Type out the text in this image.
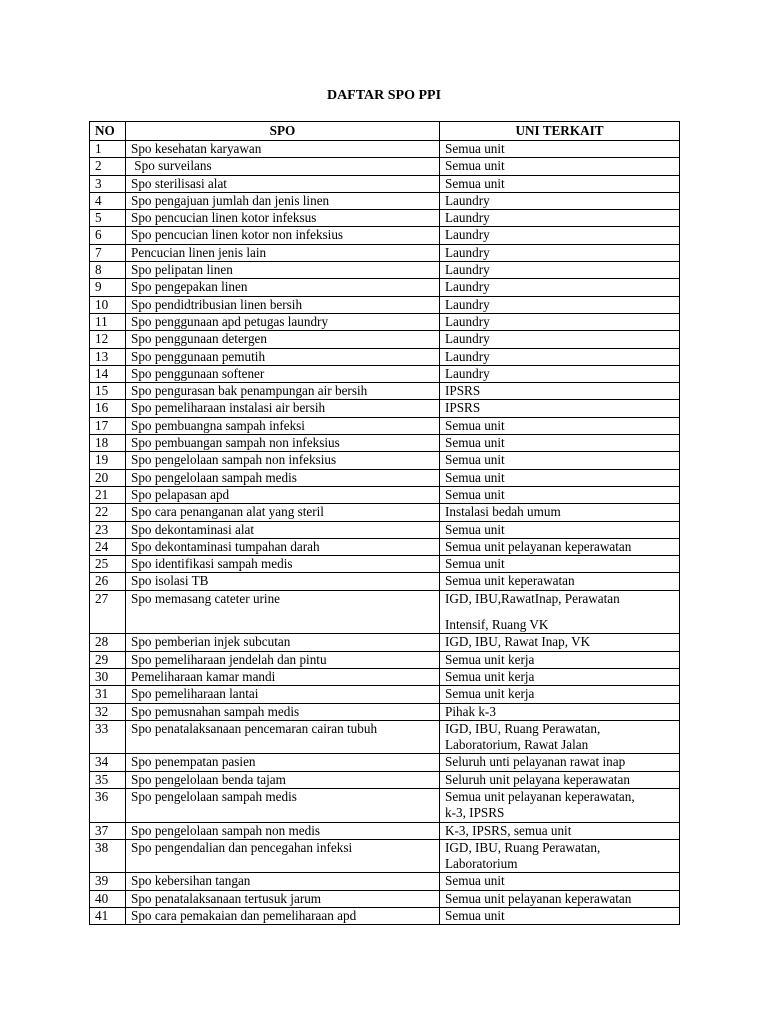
DAFTAR SPO PPI
NO	SPO	UNI TERKAIT
1	Spo kesehatan karyawan	Semua unit

2	Spo surveilans	Semua unit

3	Spo sterilisasi alat	Semua unit

4	Spo pengajuan jumlah dan jenis linen	Laundry

5	Spo pencucian linen kotor infeksus	Laundry

6	Spo pencucian linen kotor non infeksius	Laundry

7	Pencucian linen jenis lain	Laundry

8	Spo pelipatan linen	Laundry

9	Spo pengepakan linen	Laundry

10	Spo pendidtribusian linen bersih	Laundry

11	Spo penggunaan apd petugas laundry	Laundry

12	Spo penggunaan detergen	Laundry

13	Spo penggunaan pemutih	Laundry

14	Spo penggunaan softener	Laundry

15	Spo pengurasan bak penampungan air bersih	IPSRS

16	Spo pemeliharaan instalasi air bersih	IPSRS

17	Spo pembuangna sampah infeksi	Semua unit

18	Spo pembuangan sampah non infeksius	Semua unit

19	Spo pengelolaan sampah non infeksius	Semua unit

20	Spo pengelolaan sampah medis	Semua unit

21	Spo pelapasan apd	Semua unit

22	Spo cara penanganan alat yang steril	Instalasi bedah umum

23	Spo dekontaminasi alat	Semua unit

24	Spo dekontaminasi tumpahan darah	Semua unit pelayanan keperawatan

25	Spo identifikasi sampah medis	Semua unit

26	Spo isolasi TB	Semua unit keperawatan

27	Spo memasang cateter urine	IGD, IBU,RawatInap, Perawatan
Intensif, Ruang VK

28	Spo pemberian injek subcutan	IGD, IBU, Rawat Inap, VK

29	Spo pemeliharaan jendelah dan pintu	Semua unit kerja

30	Pemeliharaan kamar mandi	Semua unit kerja

31	Spo pemeliharaan lantai	Semua unit kerja

32	Spo pemusnahan sampah medis	Pihak k-3

33	Spo penatalaksanaan pencemaran cairan tubuh	IGD, IBU, Ruang Perawatan,
Laboratorium, Rawat Jalan

34	Spo penempatan pasien	Seluruh unti pelayanan rawat inap

35	Spo pengelolaan benda tajam	Seluruh unit pelayana keperawatan

36	Spo pengelolaan sampah medis	Semua unit pelayanan keperawatan,
k-3, IPSRS

37	Spo pengelolaan sampah non medis	K-3, IPSRS, semua unit

38	Spo pengendalian dan pencegahan infeksi	IGD, IBU, Ruang Perawatan,
Laboratorium

39	Spo kebersihan tangan	Semua unit

40	Spo penatalaksanaan tertusuk jarum	Semua unit pelayanan keperawatan

41	Spo cara pemakaian dan pemeliharaan apd	Semua unit
